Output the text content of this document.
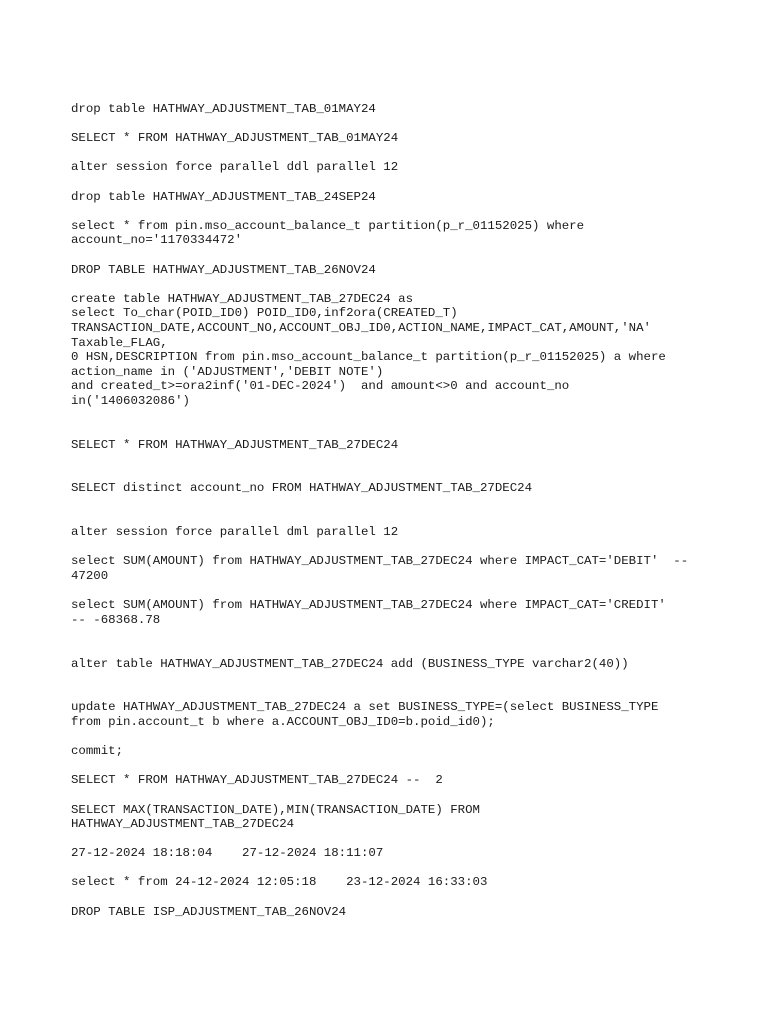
drop table HATHWAY_ADJUSTMENT_TAB_01MAY24
SELECT * FROM HATHWAY_ADJUSTMENT_TAB_01MAY24
alter session force parallel ddl parallel 12
drop table HATHWAY_ADJUSTMENT_TAB_24SEP24
select * from pin.mso_account_balance_t partition(p_r_01152025) where
account_no='1170334472'
DROP TABLE HATHWAY_ADJUSTMENT_TAB_26NOV24
create table HATHWAY_ADJUSTMENT_TAB_27DEC24 as
select To_char(POID_ID0) POID_ID0,inf2ora(CREATED_T)
TRANSACTION_DATE,ACCOUNT_NO,ACCOUNT_OBJ_ID0,ACTION_NAME,IMPACT_CAT,AMOUNT,'NA'
Taxable_FLAG,
0 HSN,DESCRIPTION from pin.mso_account_balance_t partition(p_r_01152025) a where
action_name in ('ADJUSTMENT','DEBIT NOTE')
and created_t>=ora2inf('01-DEC-2024')  and amount<>0 and account_no
in('1406032086')
SELECT * FROM HATHWAY_ADJUSTMENT_TAB_27DEC24
SELECT distinct account_no FROM HATHWAY_ADJUSTMENT_TAB_27DEC24
alter session force parallel dml parallel 12
select SUM(AMOUNT) from HATHWAY_ADJUSTMENT_TAB_27DEC24 where IMPACT_CAT='DEBIT'  --
47200
select SUM(AMOUNT) from HATHWAY_ADJUSTMENT_TAB_27DEC24 where IMPACT_CAT='CREDIT'
-- -68368.78
alter table HATHWAY_ADJUSTMENT_TAB_27DEC24 add (BUSINESS_TYPE varchar2(40))
update HATHWAY_ADJUSTMENT_TAB_27DEC24 a set BUSINESS_TYPE=(select BUSINESS_TYPE
from pin.account_t b where a.ACCOUNT_OBJ_ID0=b.poid_id0);
commit;
SELECT * FROM HATHWAY_ADJUSTMENT_TAB_27DEC24 --  2
SELECT MAX(TRANSACTION_DATE),MIN(TRANSACTION_DATE) FROM
HATHWAY_ADJUSTMENT_TAB_27DEC24
27-12-2024 18:18:04    27-12-2024 18:11:07
select * from 24-12-2024 12:05:18    23-12-2024 16:33:03
DROP TABLE ISP_ADJUSTMENT_TAB_26NOV24
